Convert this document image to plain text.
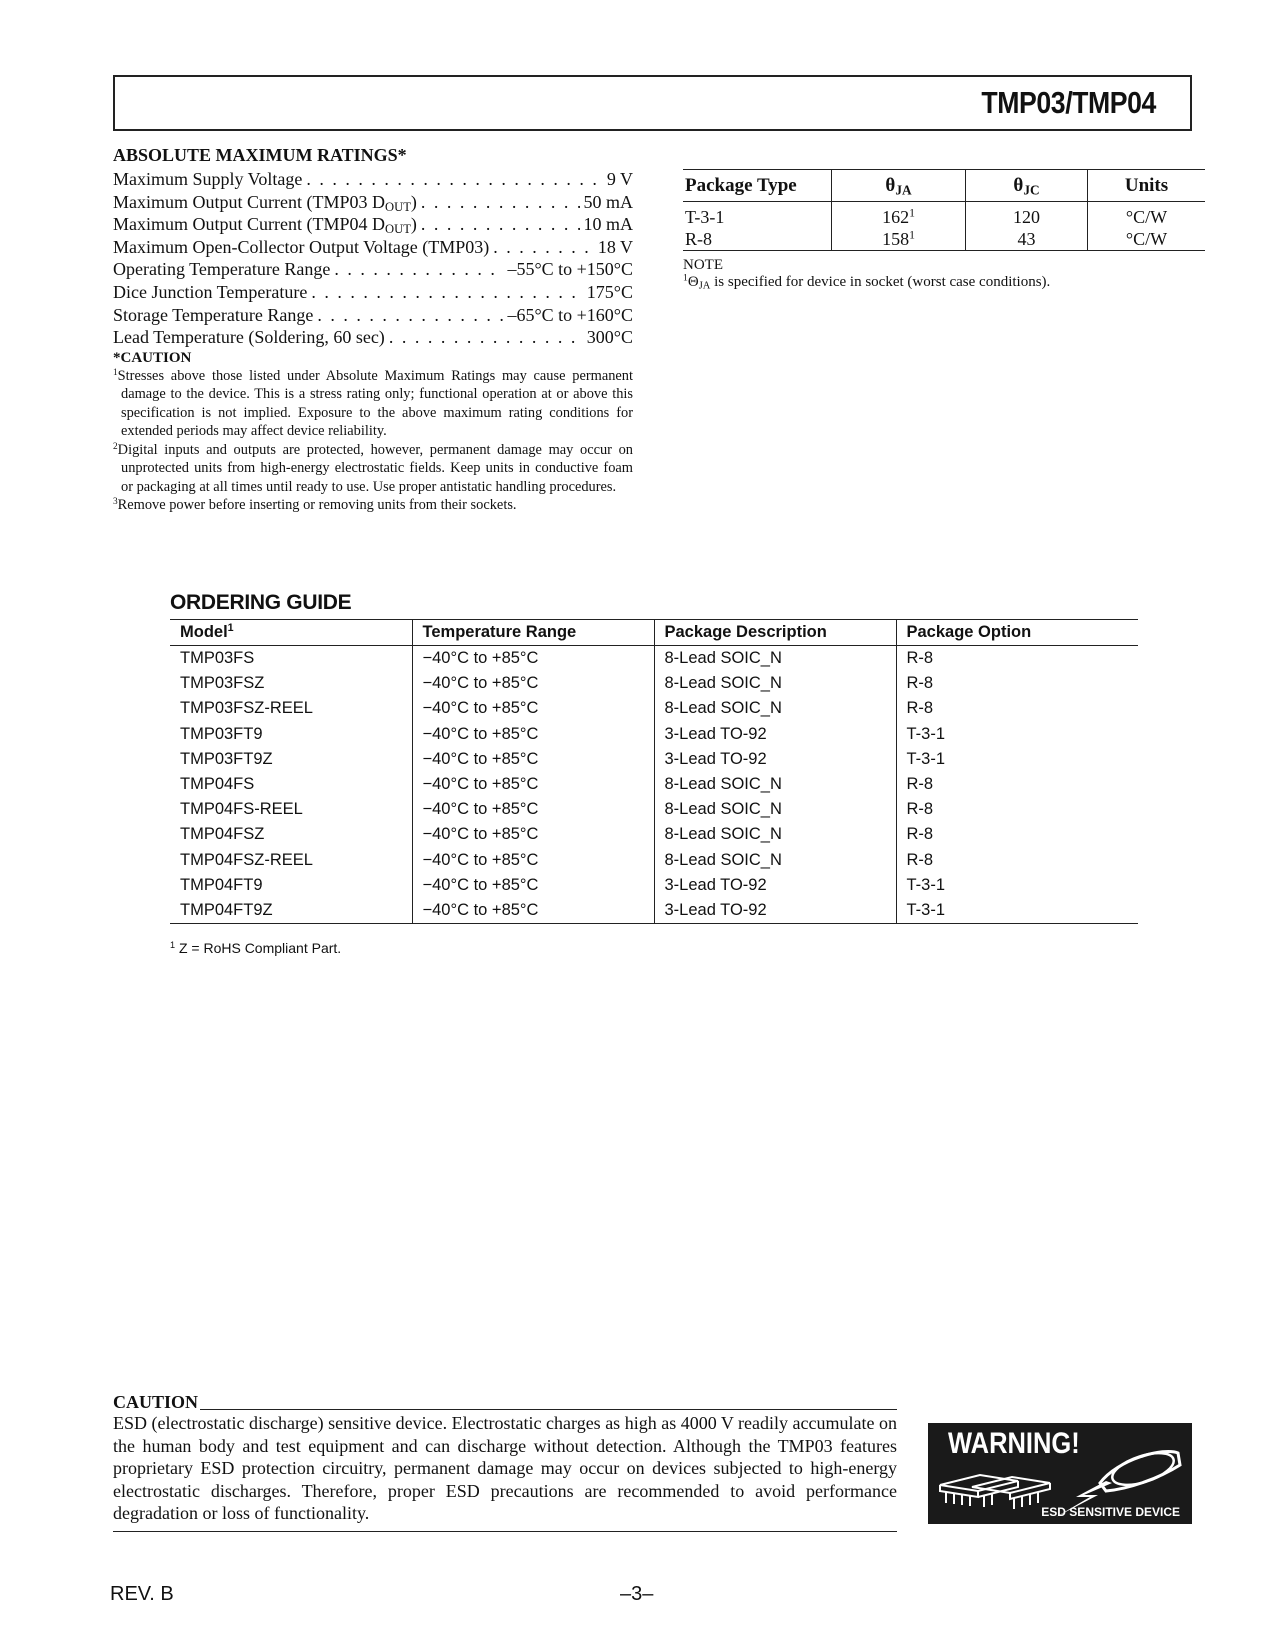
TMP03/TMP04
ABSOLUTE MAXIMUM RATINGS*
Maximum Supply Voltage . . .	9 V
Maximum Output Current (TMP03 $D_{OUT}$) . . .	50 mA
Maximum Output Current (TMP04 $D_{OUT}$) . . .	10 mA
Maximum Open-Collector Output Voltage (TMP03) . . .	18 V
Operating Temperature Range . . .	–55°C to +150°C
Dice Junction Temperature . . .	175°C
Storage Temperature Range . . .	–65°C to +160°C
Lead Temperature (Soldering, 60 sec) . . .	300°C
*CAUTION
$^1$Stresses above those listed under Absolute Maximum Ratings may cause permanent damage to the device. This is a stress rating only; functional operation at or above this specification is not implied. Exposure to the above maximum rating conditions for extended periods may affect device reliability.
$^2$Digital inputs and outputs are protected, however, permanent damage may occur on unprotected units from high-energy electrostatic fields. Keep units in conductive foam or packaging at all times until ready to use. Use proper antistatic handling procedures.
$^3$Remove power before inserting or removing units from their sockets.
Package Type	$\theta_{JA}$	$\theta_{JC}$	Units
T-3-1	$162^1$	120	°C/W
R-8	$158^1$	43	°C/W
NOTE
$^1\Theta_{JA}$ is specified for device in socket (worst case conditions).
ORDERING GUIDE
Model$^1$	Temperature Range	Package Description	Package Option
TMP03FS	−40°C to +85°C	8-Lead SOIC_N	R-8
TMP03FSZ	−40°C to +85°C	8-Lead SOIC_N	R-8
TMP03FSZ-REEL	−40°C to +85°C	8-Lead SOIC_N	R-8
TMP03FT9	−40°C to +85°C	3-Lead TO-92	T-3-1
TMP03FT9Z	−40°C to +85°C	3-Lead TO-92	T-3-1
TMP04FS	−40°C to +85°C	8-Lead SOIC_N	R-8
TMP04FS-REEL	−40°C to +85°C	8-Lead SOIC_N	R-8
TMP04FSZ	−40°C to +85°C	8-Lead SOIC_N	R-8
TMP04FSZ-REEL	−40°C to +85°C	8-Lead SOIC_N	R-8
TMP04FT9	−40°C to +85°C	3-Lead TO-92	T-3-1
TMP04FT9Z	−40°C to +85°C	3-Lead TO-92	T-3-1
$^1$ Z = RoHS Compliant Part.
CAUTION
ESD (electrostatic discharge) sensitive device. Electrostatic charges as high as 4000 V readily accumulate on the human body and test equipment and can discharge without detection. Although the TMP03 features proprietary ESD protection circuitry, permanent damage may occur on devices subjected to high-energy electrostatic discharges. Therefore, proper ESD precautions are recommended to avoid performance degradation or loss of functionality.
WARNING!
ESD SENSITIVE DEVICE
REV. B	–3–
